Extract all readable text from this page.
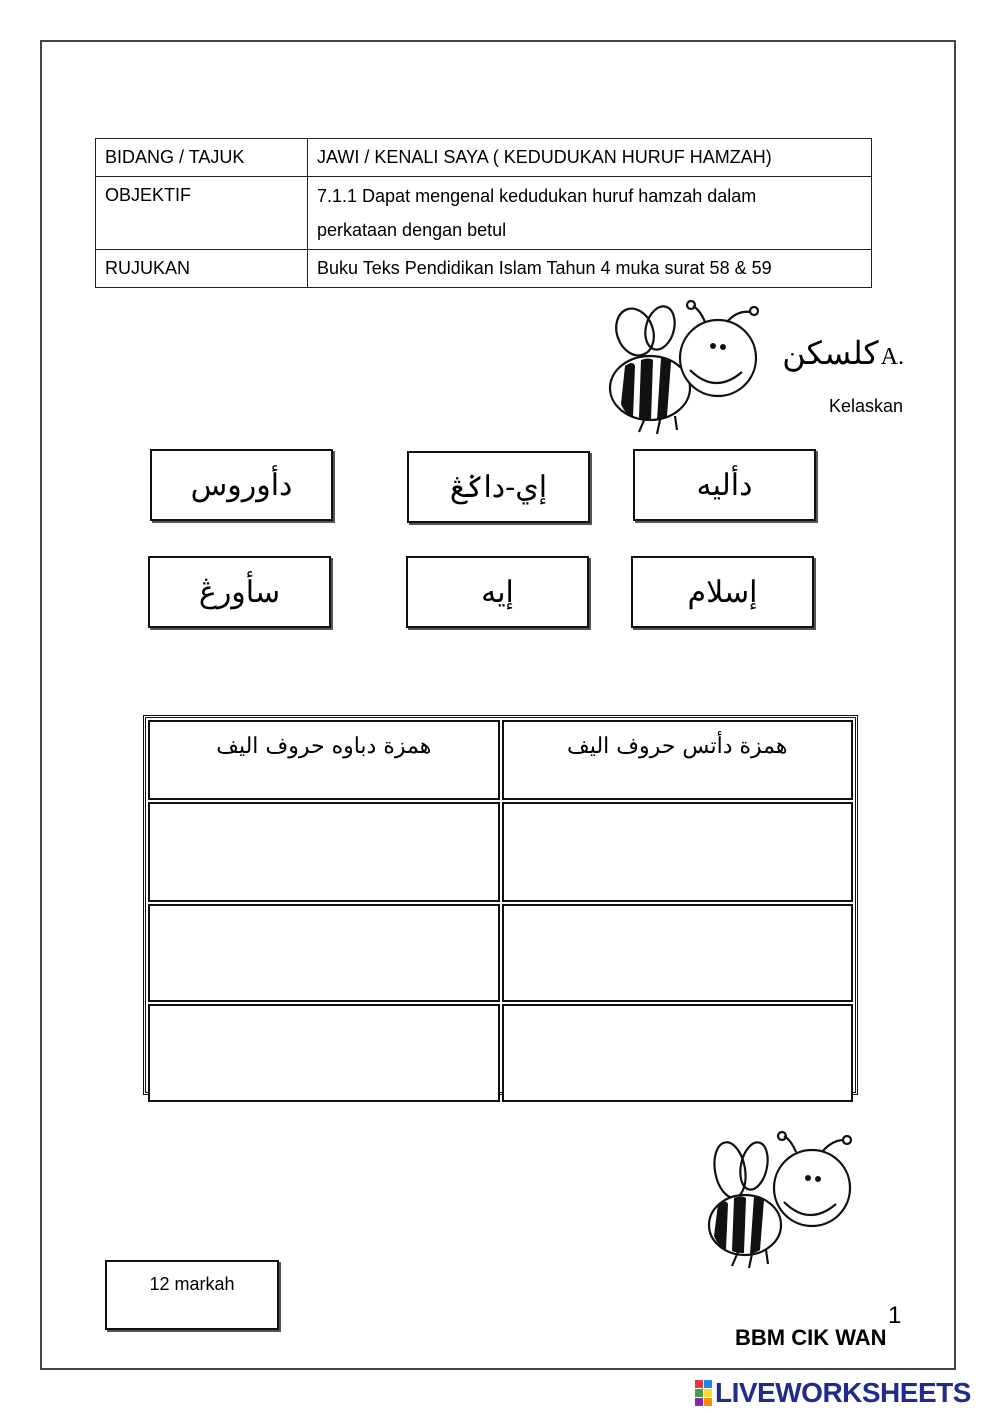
BIDANG / TAJUK	JAWI / KENALI SAYA ( KEDUDUKAN HURUF HAMZAH)
OBJEKTIF	7.1.1 Dapat mengenal kedudukan huruf hamzah dalam
perkataan dengan betul
RUJUKAN	Buku Teks Pendidikan Islam Tahun 4 muka surat 58 & 59
كلسكن A.
Kelaskan
دأوروس	إي-داݢڠ	دأليه
سأورڠ	إيه	إسلام
همزة دباوه حروف اليف	همزة دأتس حروف اليف
12 markah
1
BBM CIK WAN
LIVEWORKSHEETS
